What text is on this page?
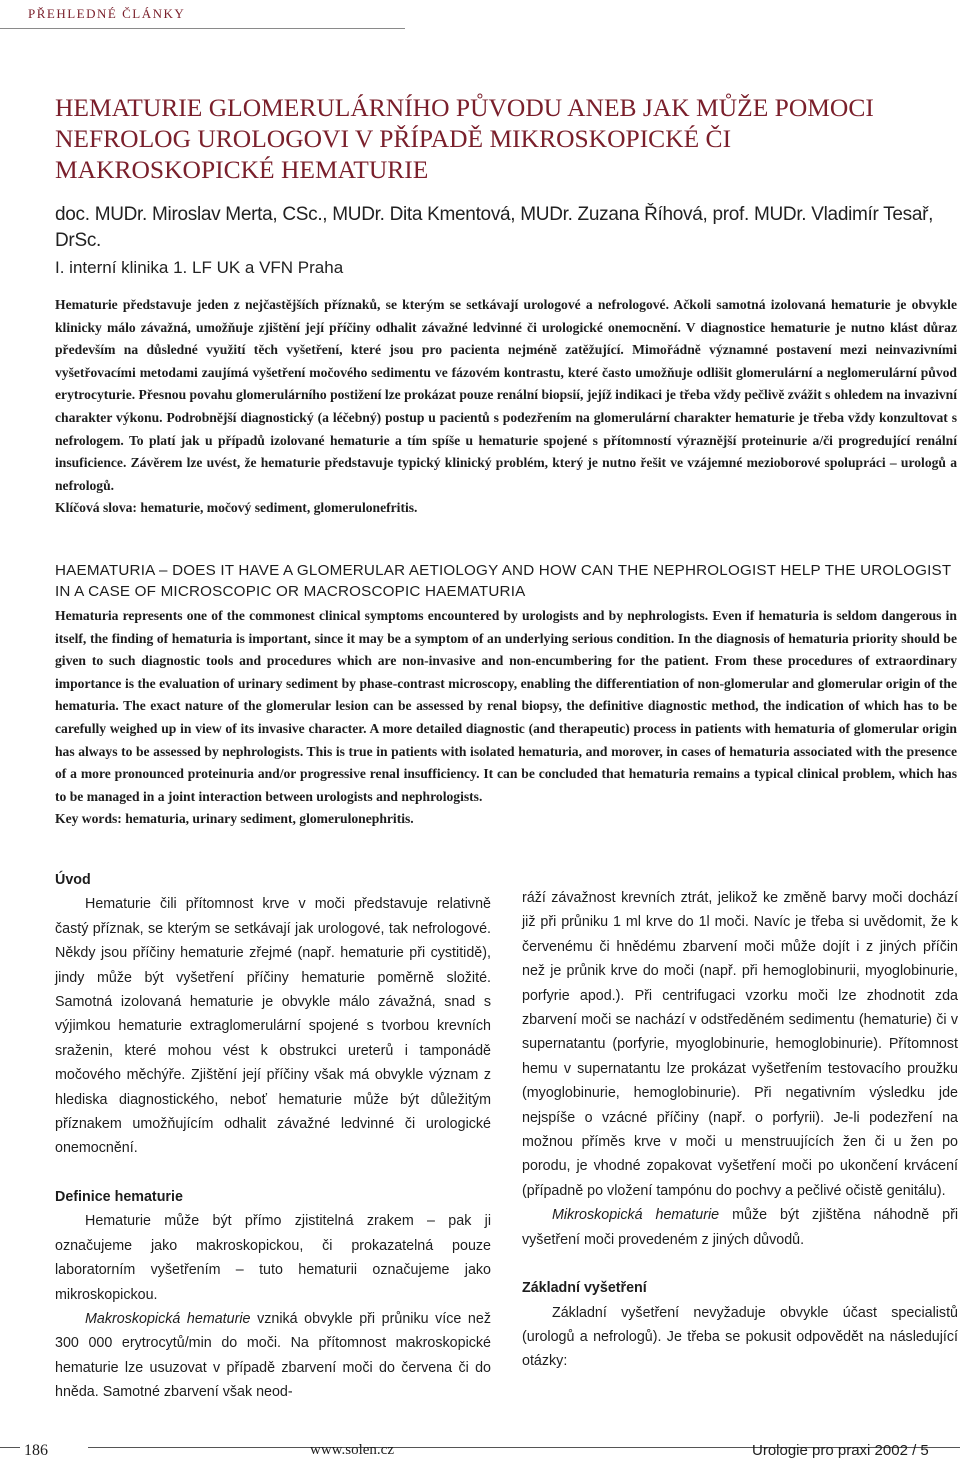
PŘEHLEDNÉ ČLÁNKY
HEMATURIE GLOMERULÁRNÍHO PŮVODU ANEB JAK MŮŽE POMOCI NEFROLOG UROLOGOVI V PŘÍPADĚ MIKROSKOPICKÉ ČI MAKROSKOPICKÉ HEMATURIE
doc. MUDr. Miroslav Merta, CSc., MUDr. Dita Kmentová, MUDr. Zuzana Říhová, prof. MUDr. Vladimír Tesař, DrSc.
I. interní klinika 1. LF UK a VFN Praha

Hematurie představuje jeden z nejčastějších příznaků, se kterým se setkávají urologové a nefrologové. Ačkoli samotná izolovaná hematurie je obvykle klinicky málo závažná, umožňuje zjištění její příčiny odhalit závažné ledvinné či urologické onemocnění. V diagnostice hematurie je nutno klást důraz především na důsledné využití těch vyšetření, které jsou pro pacienta nejméně zatěžující. Mimořádně významné postavení mezi neinvazivními vyšetřovacími metodami zaujímá vyšetření močového sedimentu ve fázovém kontrastu, které často umožňuje odlišit glomerulární a neglomerulární původ erytrocyturie. Přesnou povahu glomerulárního postižení lze prokázat pouze renální biopsií, jejíž indikaci je třeba vždy pečlivě zvážit s ohledem na invazivní charakter výkonu. Podrobnější diagnostický (a léčebný) postup u pacientů s podezřením na glomerulární charakter hematurie je třeba vždy konzultovat s nefrologem. To platí jak u případů izolované hematurie a tím spíše u hematurie spojené s přítomností výraznější proteinurie a/či progredující renální insuficience. Závěrem lze uvést, že hematurie představuje typický klinický problém, který je nutno řešit ve vzájemné mezioborové spolupráci – urologů a nefrologů.
Klíčová slova: hematurie, močový sediment, glomerulonefritis.

HAEMATURIA – DOES IT HAVE A GLOMERULAR AETIOLOGY AND HOW CAN THE NEPHROLOGIST HELP THE UROLOGIST IN A CASE OF MICROSCOPIC OR MACROSCOPIC HAEMATURIA

Hematuria represents one of the commonest clinical symptoms encountered by urologists and by nephrologists. Even if hematuria is seldom dangerous in itself, the finding of hematuria is important, since it may be a symptom of an underlying serious condition. In the diagnosis of hematuria priority should be given to such diagnostic tools and procedures which are non-invasive and non-encumbering for the patient. From these procedures of extraordinary importance is the evaluation of urinary sediment by phase-contrast microscopy, enabling the differentiation of non-glomerular and glomerular origin of the hematuria. The exact nature of the glomerular lesion can be assessed by renal biopsy, the definitive diagnostic method, the indication of which has to be carefully weighed up in view of its invasive character. A more detailed diagnostic (and therapeutic) process in patients with hematuria of glomerular origin has always to be assessed by nephrologists. This is true in patients with isolated hematuria, and morover, in cases of hematuria associated with the presence of a more pronounced proteinuria and/or progressive renal insufficiency. It can be concluded that hematuria remains a typical clinical problem, which has to be managed in a joint interaction between urologists and nephrologists.
Key words: hematuria, urinary sediment, glomerulonephritis.

Úvod

Hematurie čili přítomnost krve v moči představuje relativně častý příznak, se kterým se setkávají jak urologové, tak nefrologové. Někdy jsou příčiny hematurie zřejmé (např. hematurie při cystitidě), jindy může být vyšetření příčiny hematurie poměrně složité. Samotná izolovaná hematurie je obvykle málo závažná, snad s výjimkou hematurie extraglomerulární spojené s tvorbou krevních sraženin, které mohou vést k obstrukci ureterů i tamponádě močového měchýře. Zjištění její příčiny však má obvykle význam z hlediska diagnostického, neboť hematurie může být důležitým příznakem umožňujícím odhalit závažné ledvinné či urologické onemocnění.

Definice hematurie

Hematurie může být přímo zjistitelná zrakem – pak ji označujeme jako makroskopickou, či prokazatelná pouze laboratorním vyšetřením – tuto hematurii označujeme jako mikroskopickou.

Makroskopická hematurie vzniká obvykle při průniku více než 300 000 erytrocytů/min do moči. Na přítomnost makroskopické hematurie lze usuzovat v případě zbarvení moči do červena či do hněda. Samotné zbarvení však neod-

ráží závažnost krevních ztrát, jelikož ke změně barvy moči dochází již při průniku 1 ml krve do 1l moči. Navíc je třeba si uvědomit, že k červenému či hnědému zbarvení moči může dojít i z jiných příčin než je průnik krve do moči (např. při hemoglobinurii, myoglobinurie, porfyrie apod.). Při centrifugaci vzorku moči lze zhodnotit zda zbarvení moči se nachází v odstředěném sedimentu (hematurie) či v supernatantu (porfyrie, myoglobinurie, hemoglobinurie). Přítomnost hemu v supernatantu lze prokázat vyšetřením testovacího proužku (myoglobinurie, hemoglobinurie). Při negativním výsledku jde nejspíše o vzácné příčiny (např. o porfyrii). Je-li podezření na možnou příměs krve v moči u menstruujících žen či u žen po porodu, je vhodné zopakovat vyšetření moči po ukončení krvácení (případně po vložení tampónu do pochvy a pečlivé očistě genitálu).

Mikroskopická hematurie může být zjištěna náhodně při vyšetření moči provedeném z jiných důvodů.

Základní vyšetření

Základní vyšetření nevyžaduje obvykle účast specialistů (urologů a nefrologů). Je třeba se pokusit odpovědět na následující otázky:

186	www.solen.cz	Urologie pro praxi 2002 / 5
